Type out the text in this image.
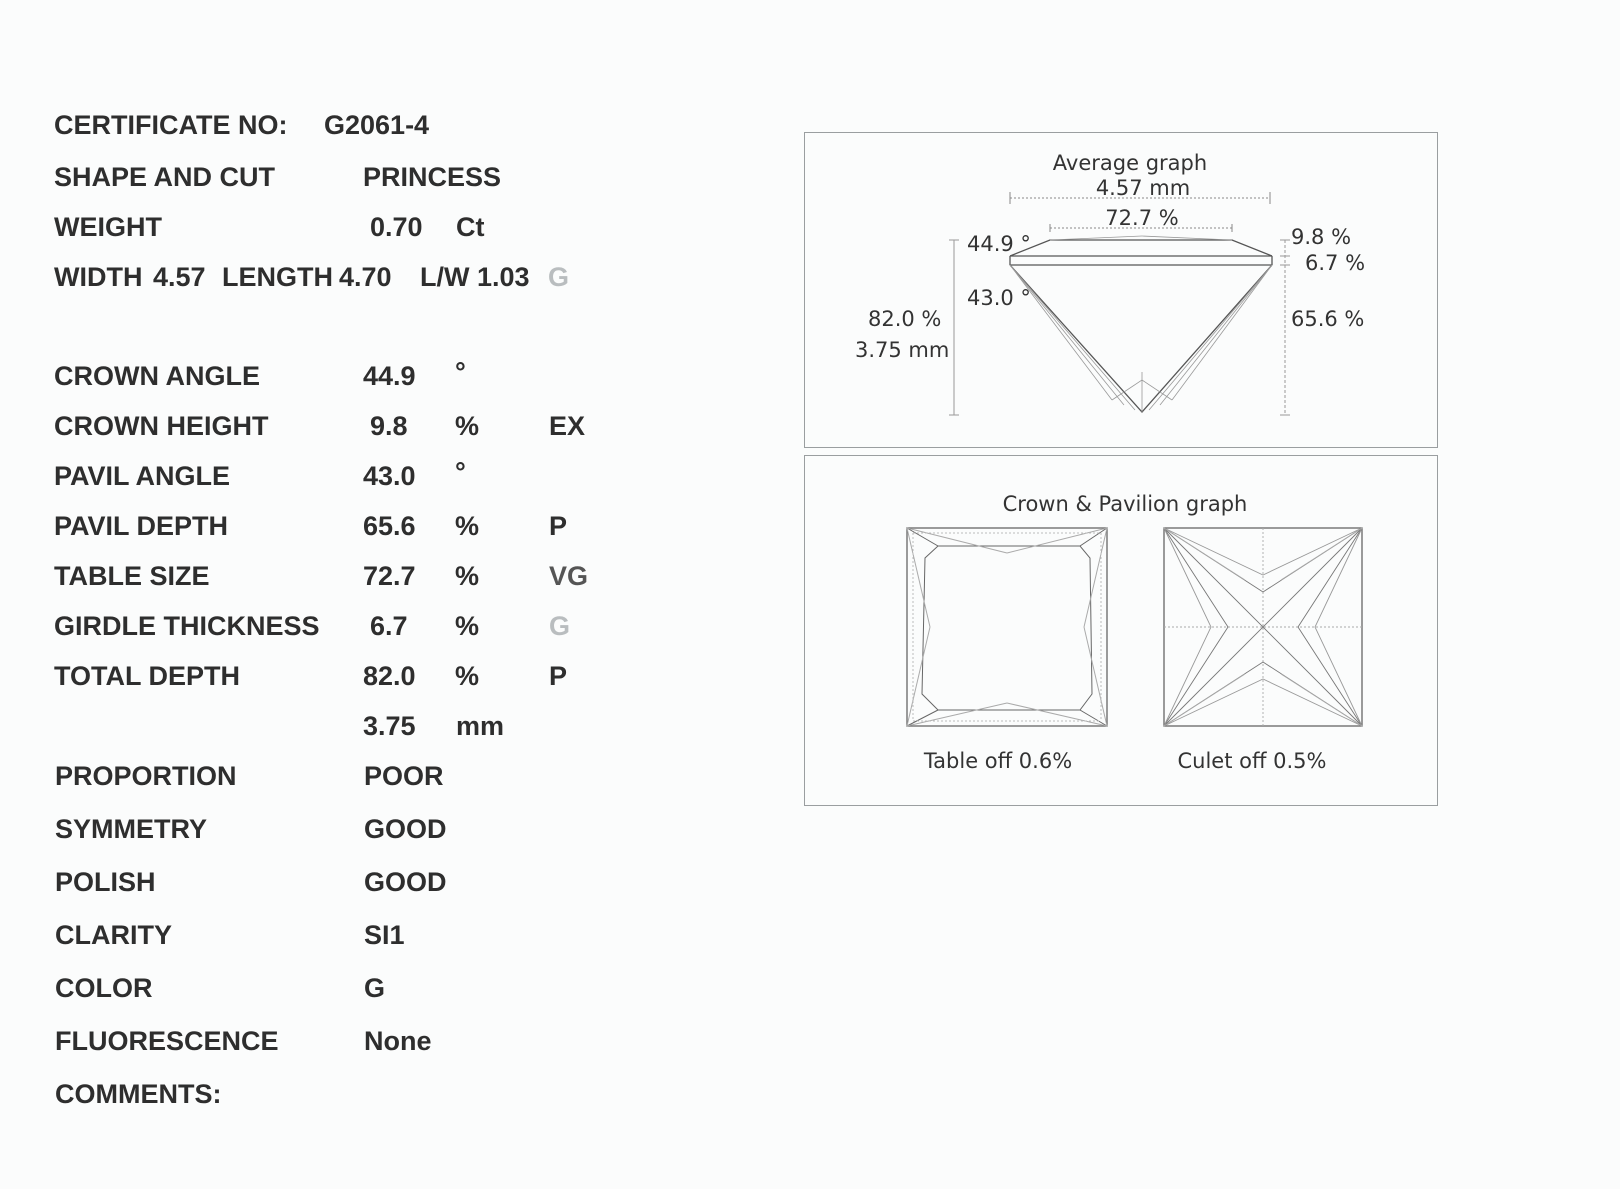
CERTIFICATE NO: G2061-4
SHAPE AND CUT	PRINCESS
WEIGHT	0.70 Ct
WIDTH 4.57 LENGTH 4.70 L/W 1.03 G
CROWN ANGLE	44.9 °
CROWN HEIGHT	9.8 %	EX
PAVIL ANGLE	43.0 °
PAVIL DEPTH	65.6 %	P
TABLE SIZE	72.7 %	VG
GIRDLE THICKNESS 6.7 %	G
TOTAL DEPTH	82.0 %	P
3.75 mm
PROPORTION	POOR
SYMMETRY	GOOD
POLISH	GOOD
CLARITY	SI1
COLOR	G
FLUORESCENCE	None
COMMENTS:
Average graph
4.57 mm
72.7 %
44.9 °
43.0 °
82.0 %
3.75 mm
9.8 %
6.7 %
65.6 %
Crown & Pavilion graph
Table off 0.6%	Culet off 0.5%
